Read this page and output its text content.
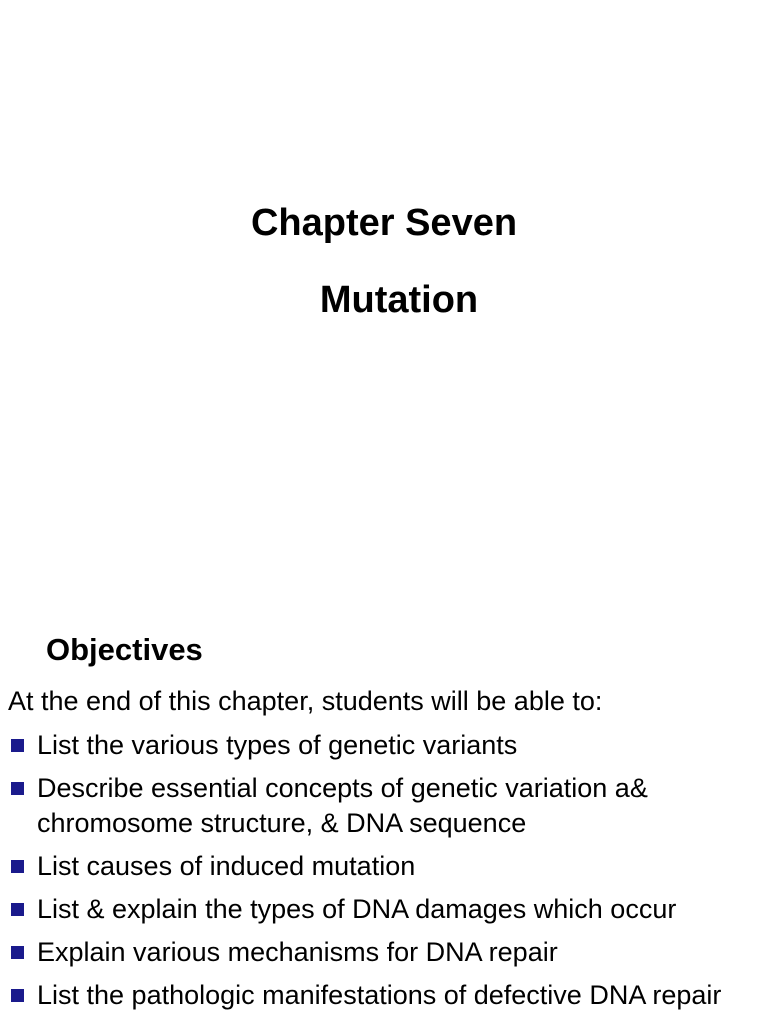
Chapter Seven
Mutation
Objectives
At the end of this chapter, students will be able to:
List the various types of genetic variants
Describe essential concepts of genetic variation a& chromosome structure, & DNA sequence
List causes of induced mutation
List & explain the types of DNA damages which occur
Explain various mechanisms for DNA repair
List the pathologic manifestations of defective DNA repair
